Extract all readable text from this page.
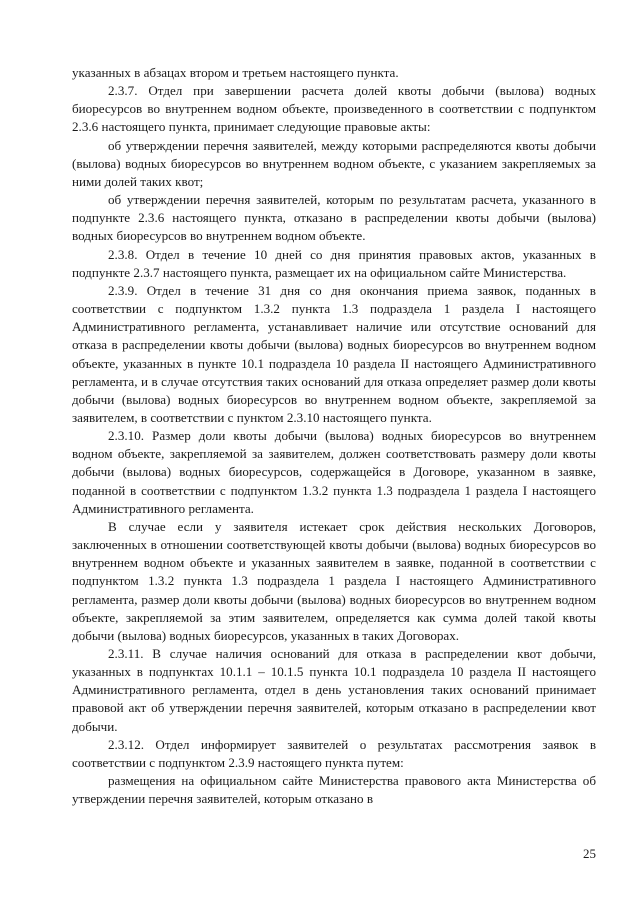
указанных в абзацах втором и третьем настоящего пункта.

2.3.7. Отдел при завершении расчета долей квоты добычи (вылова) водных биоресурсов во внутреннем водном объекте, произведенного в соответствии с подпунктом 2.3.6 настоящего пункта, принимает следующие правовые акты:

об утверждении перечня заявителей, между которыми распределяются квоты добычи (вылова) водных биоресурсов во внутреннем водном объекте, с указанием закрепляемых за ними долей таких квот;

об утверждении перечня заявителей, которым по результатам расчета, указанного в подпункте 2.3.6 настоящего пункта, отказано в распределении квоты добычи (вылова) водных биоресурсов во внутреннем водном объекте.

2.3.8. Отдел в течение 10 дней со дня принятия правовых актов, указанных в подпункте 2.3.7 настоящего пункта, размещает их на официальном сайте Министерства.

2.3.9. Отдел в течение 31 дня со дня окончания приема заявок, поданных в соответствии с подпунктом 1.3.2 пункта 1.3 подраздела 1 раздела I настоящего Административного регламента, устанавливает наличие или отсутствие оснований для отказа в распределении квоты добычи (вылова) водных биоресурсов во внутреннем водном объекте, указанных в пункте 10.1 подраздела 10 раздела II настоящего Административного регламента, и в случае отсутствия таких оснований для отказа определяет размер доли квоты добычи (вылова) водных биоресурсов во внутреннем водном объекте, закрепляемой за заявителем, в соответствии с пунктом 2.3.10 настоящего пункта.

2.3.10. Размер доли квоты добычи (вылова) водных биоресурсов во внутреннем водном объекте, закрепляемой за заявителем, должен соответствовать размеру доли квоты добычи (вылова) водных биоресурсов, содержащейся в Договоре, указанном в заявке, поданной в соответствии с подпунктом 1.3.2 пункта 1.3 подраздела 1 раздела I настоящего Административного регламента.

В случае если у заявителя истекает срок действия нескольких Договоров, заключенных в отношении соответствующей квоты добычи (вылова) водных биоресурсов во внутреннем водном объекте и указанных заявителем в заявке, поданной в соответствии с подпунктом 1.3.2 пункта 1.3 подраздела 1 раздела I настоящего Административного регламента, размер доли квоты добычи (вылова) водных биоресурсов во внутреннем водном объекте, закрепляемой за этим заявителем, определяется как сумма долей такой квоты добычи (вылова) водных биоресурсов, указанных в таких Договорах.

2.3.11. В случае наличия оснований для отказа в распределении квот добычи, указанных в подпунктах 10.1.1 – 10.1.5 пункта 10.1 подраздела 10 раздела II настоящего Административного регламента, отдел в день установления таких оснований принимает правовой акт об утверждении перечня заявителей, которым отказано в распределении квот добычи.

2.3.12. Отдел информирует заявителей о результатах рассмотрения заявок в соответствии с подпунктом 2.3.9 настоящего пункта путем:

размещения на официальном сайте Министерства правового акта Министерства об утверждении перечня заявителей, которым отказано в

25
